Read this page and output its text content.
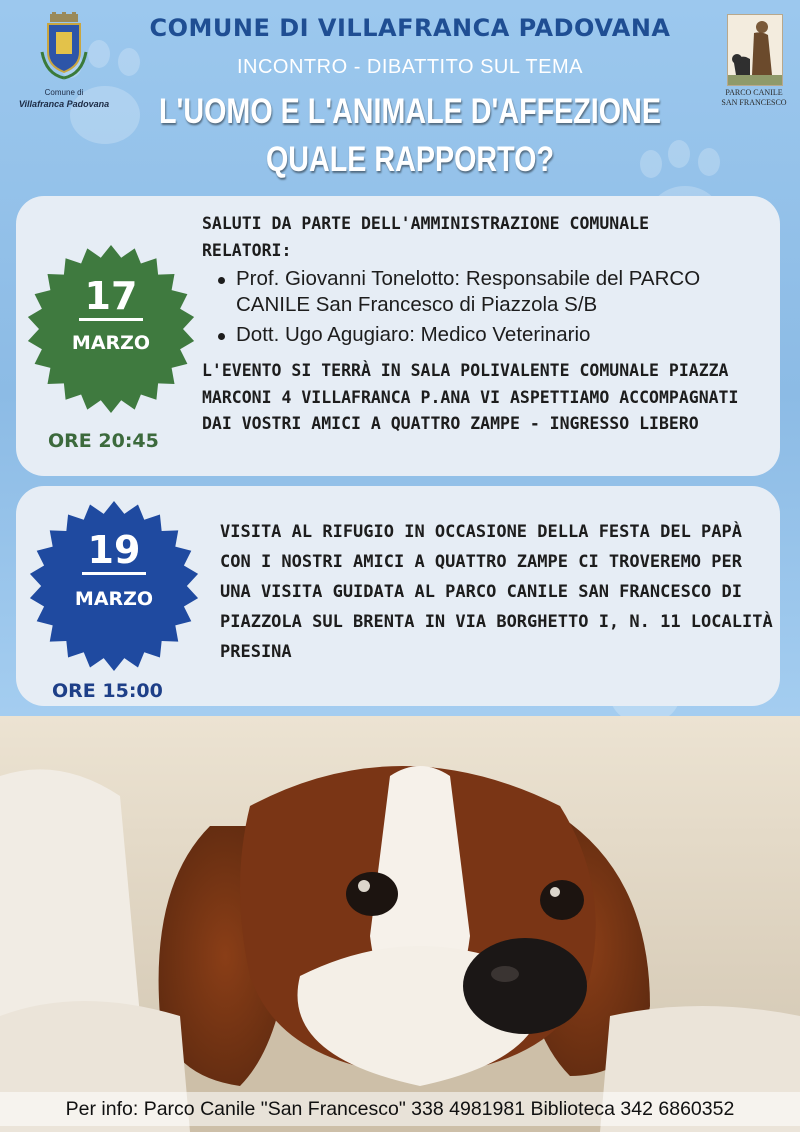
Comune di
Villafranca Padovana
PARCO CANILE
SAN FRANCESCO
COMUNE DI VILLAFRANCA PADOVANA
INCONTRO - DIBATTITO SUL TEMA
L'UOMO E L'ANIMALE D'AFFEZIONE
QUALE RAPPORTO?
17
MARZO
ORE 20:45
SALUTI DA PARTE DELL'AMMINISTRAZIONE COMUNALE
RELATORI:
Prof. Giovanni Tonelotto: Responsabile del PARCO CANILE San Francesco di Piazzola S/B
Dott. Ugo Agugiaro: Medico Veterinario
L'EVENTO SI TERRÀ IN SALA POLIVALENTE COMUNALE PIAZZA MARCONI 4 VILLAFRANCA P.ANA VI ASPETTIAMO ACCOMPAGNATI DAI VOSTRI AMICI A QUATTRO ZAMPE - INGRESSO LIBERO
19
MARZO
ORE 15:00
VISITA AL RIFUGIO IN OCCASIONE DELLA FESTA DEL PAPÀ CON I NOSTRI AMICI A QUATTRO ZAMPE CI TROVEREMO PER UNA VISITA GUIDATA AL PARCO CANILE SAN FRANCESCO DI PIAZZOLA SUL BRENTA IN VIA BORGHETTO I, N. 11 LOCALITÀ PRESINA
Per info: Parco Canile "San Francesco" 338 4981981 Biblioteca 342 6860352
